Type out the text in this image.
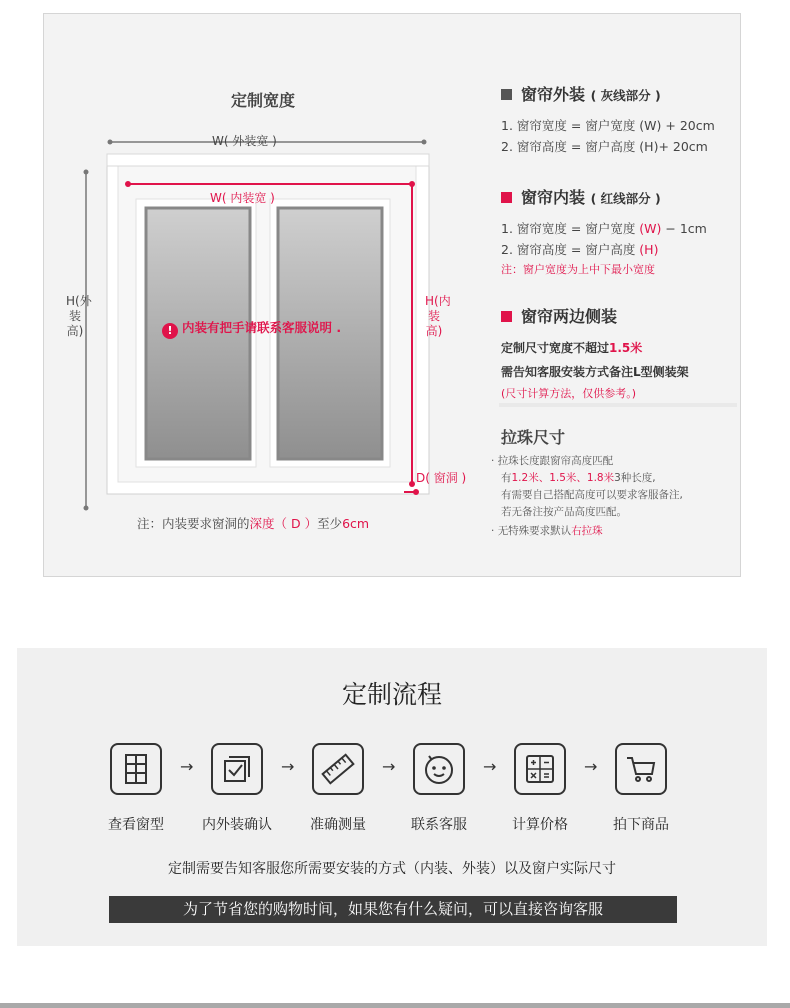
定制宽度
W( 外装宽 )
W( 内装宽 )
H(外装高)
H(内装高)
D( 窗洞 )
! 内装有把手请联系客服说明 .
注：内装要求窗洞的深度（ D ）至少6cm
窗帘外装 ( 灰线部分 )
1. 窗帘宽度 = 窗户宽度 (W) + 20cm
2. 窗帘高度 = 窗户高度 (H)+ 20cm
窗帘内装 ( 红线部分 )
1. 窗帘宽度 = 窗户宽度 (W) − 1cm
2. 窗帘高度 = 窗户高度 (H)
注：窗户宽度为上中下最小宽度
窗帘两边侧装
定制尺寸宽度不超过1.5米
需告知客服安装方式备注L型侧装架
(尺寸计算方法，仅供参考。)
拉珠尺寸
· 拉珠长度跟窗帘高度匹配
有1.2米、1.5米、1.8米3种长度,
有需要自己搭配高度可以要求客服备注,
若无备注按产品高度匹配。
· 无特殊要求默认右拉珠
定制流程
→	→	→	→	→
查看窗型	内外装确认	准确测量	联系客服	计算价格	拍下商品
定制需要告知客服您所需要安装的方式（内装、外装）以及窗户实际尺寸
为了节省您的购物时间，如果您有什么疑问，可以直接咨询客服
